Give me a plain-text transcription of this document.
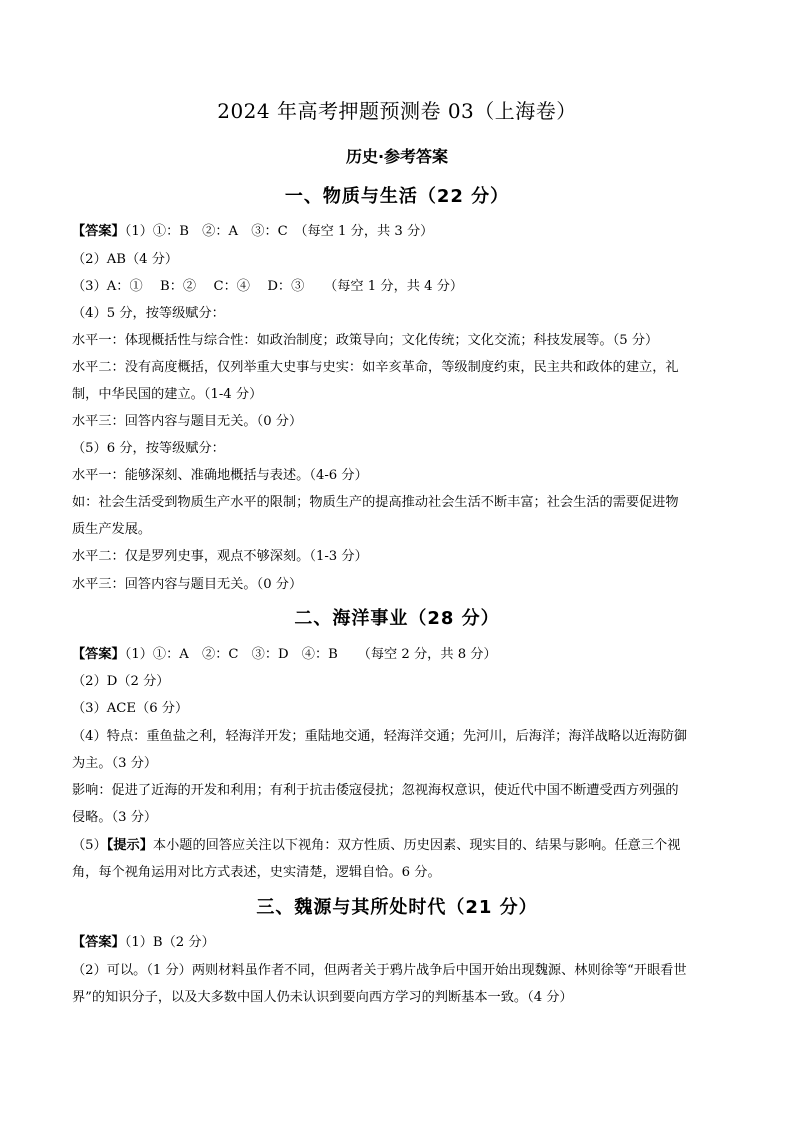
2024 年高考押题预测卷 03（上海卷）
历史·参考答案
一、物质与生活（22 分）
【答案】（1）①：B　②：A　③：C　（每空 1 分，共 3 分）
（2）AB（4 分）
（3）A：①　 B：②　 C：④　 D：③　　（每空 1 分，共 4 分）
（4）5 分，按等级赋分：
水平一：体现概括性与综合性：如政治制度；政策导向；文化传统；文化交流；科技发展等。（5 分）
水平二：没有高度概括，仅列举重大史事与史实：如辛亥革命，等级制度约束，民主共和政体的建立，礼
制，中华民国的建立。（1-4 分）
水平三：回答内容与题目无关。（0 分）
（5）6 分，按等级赋分：
水平一：能够深刻、准确地概括与表述。（4-6 分）
如：社会生活受到物质生产水平的限制；物质生产的提高推动社会生活不断丰富；社会生活的需要促进物
质生产发展。
水平二：仅是罗列史事，观点不够深刻。（1-3 分）
水平三：回答内容与题目无关。（0 分）
二、海洋事业（28 分）
【答案】（1）①：A　②：C　③：D　④：B　　（每空 2 分，共 8 分）
（2）D（2 分）
（3）ACE（6 分）
（4）特点：重鱼盐之利，轻海洋开发；重陆地交通，轻海洋交通；先河川，后海洋；海洋战略以近海防御
为主。（3 分）
影响：促进了近海的开发和利用；有利于抗击倭寇侵扰；忽视海权意识，使近代中国不断遭受西方列强的
侵略。（3 分）
（5）【提示】本小题的回答应关注以下视角：双方性质、历史因素、现实目的、结果与影响。任意三个视
角，每个视角运用对比方式表述，史实清楚，逻辑自恰。6 分。
三、魏源与其所处时代（21 分）
【答案】（1）B（2 分）
（2）可以。（1 分）两则材料虽作者不同，但两者关于鸦片战争后中国开始出现魏源、林则徐等“开眼看世
界”的知识分子，以及大多数中国人仍未认识到要向西方学习的判断基本一致。（4 分）
